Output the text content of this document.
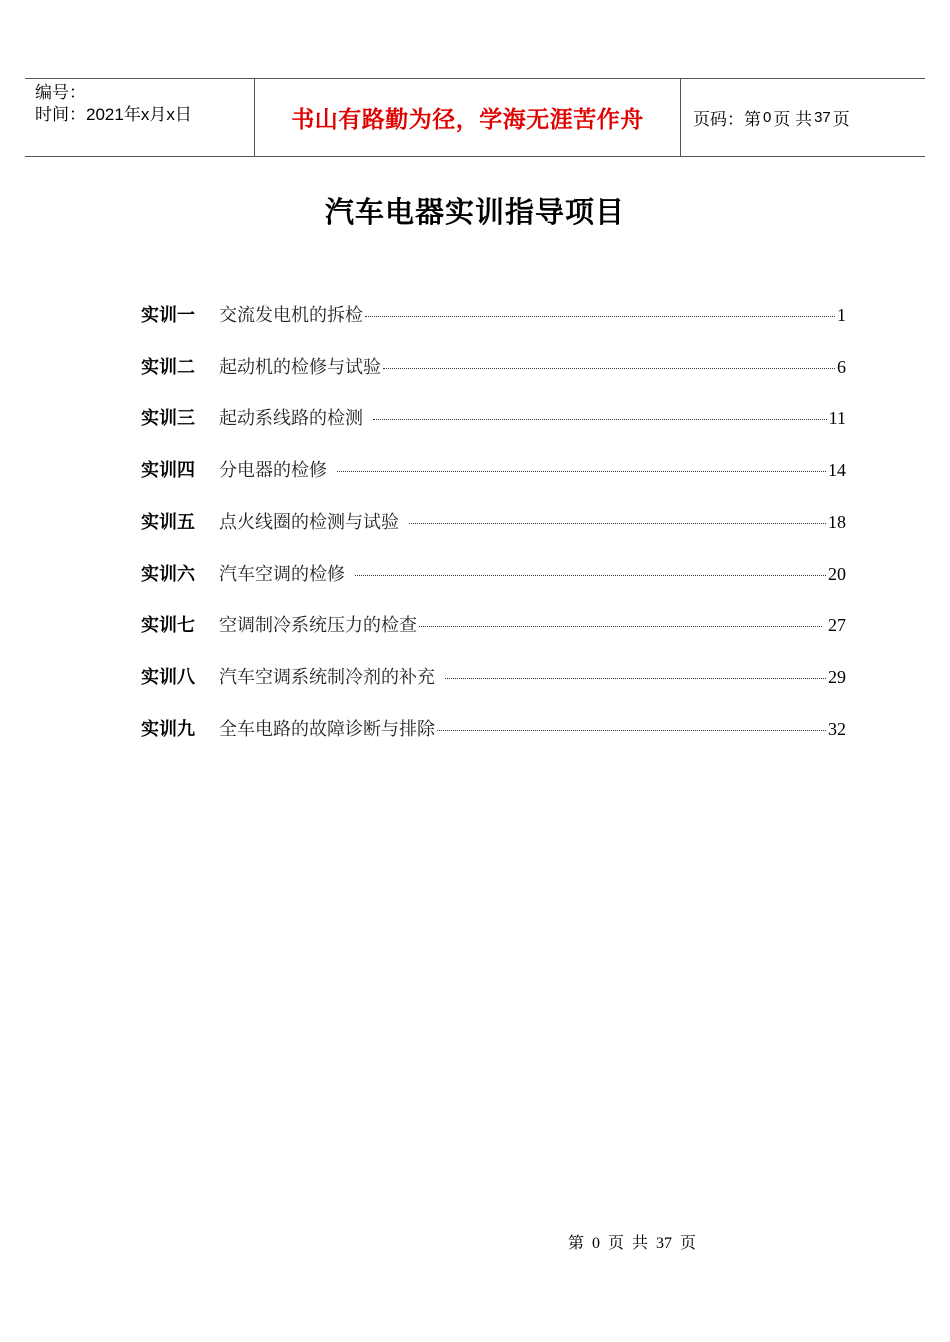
编号：
时间：2021年x月x日	书山有路勤为径，学海无涯苦作舟	页码：第 0 页 共 37 页
汽车电器实训指导项目
实训一	交流发电机的拆检	1
实训二	起动机的检修与试验	6
实训三	起动系线路的检测	11
实训四	分电器的检修	14
实训五	点火线圈的检测与试验	18
实训六	汽车空调的检修	20
实训七	空调制冷系统压力的检查	27
实训八	汽车空调系统制冷剂的补充	29
实训九	全车电路的故障诊断与排除	32
第 0 页 共 37 页
